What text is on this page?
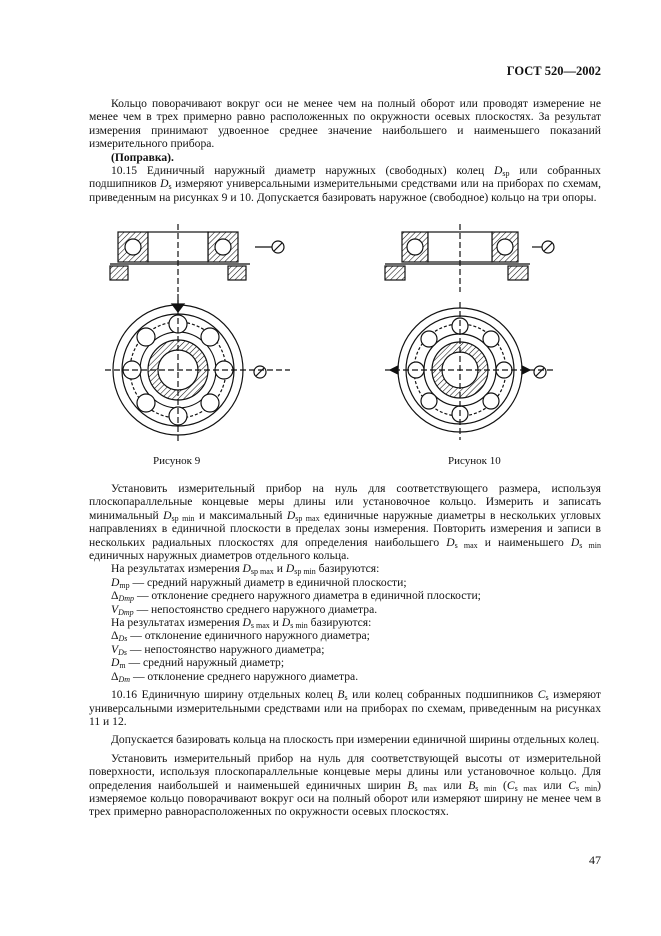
ГОСТ 520—2002

Кольцо поворачивают вокруг оси не менее чем на полный оборот или проводят измерение не менее чем в трех примерно равно расположенных по окружности осевых плоскостях. За результат измерения принимают удвоенное среднее значение наибольшего и наименьшего показаний измерительного прибора.

(Поправка).

10.15 Единичный наружный диаметр наружных (свободных) колец $D_{sp}$ или собранных подшипников $D_s$ измеряют универсальными измерительными средствами или на приборах по схемам, приведенным на рисунках 9 и 10. Допускается базировать наружное (свободное) кольцо на три опоры.

Рисунок 9	Рисунок 10

Установить измерительный прибор на нуль для соответствующего размера, используя плоскопараллельные концевые меры длины или установочное кольцо. Измерить и записать минимальный $D_{sp min}$ и максимальный $D_{sp max}$ единичные наружные диаметры в нескольких угловых направлениях в единичной плоскости в пределах зоны измерения. Повторить измерения и записи в нескольких радиальных плоскостях для определения наибольшего $D_{s max}$ и наименьшего $D_{s min}$ единичных наружных диаметров отдельного кольца.

На результатах измерения $D_{sp max}$ и $D_{sp min}$ базируются:
$D_{mp}$ — средний наружный диаметр в единичной плоскости;
$\Delta_{Dmp}$ — отклонение среднего наружного диаметра в единичной плоскости;
$V_{Dmp}$ — непостоянство среднего наружного диаметра.
На результатах измерения $D_{s max}$ и $D_{s min}$ базируются:
$\Delta_{Ds}$ — отклонение единичного наружного диаметра;
$V_{Ds}$ — непостоянство наружного диаметра;
$D_m$ — средний наружный диаметр;
$\Delta_{Dm}$ — отклонение среднего наружного диаметра.

10.16 Единичную ширину отдельных колец $B_s$ или колец собранных подшипников $C_s$ измеряют универсальными измерительными средствами или на приборах по схемам, приведенным на рисунках 11 и 12.

Допускается базировать кольца на плоскость при измерении единичной ширины отдельных колец.

Установить измерительный прибор на нуль для соответствующей высоты от измерительной поверхности, используя плоскопараллельные концевые меры длины или установочное кольцо. Для определения наибольшей и наименьшей единичных ширин $B_{s max}$ или $B_{s min}$ ($C_{s max}$ или $C_{s min}$) измеряемое кольцо поворачивают вокруг оси на полный оборот или измеряют ширину не менее чем в трех примерно равнорасположенных по окружности осевых плоскостях.

47
